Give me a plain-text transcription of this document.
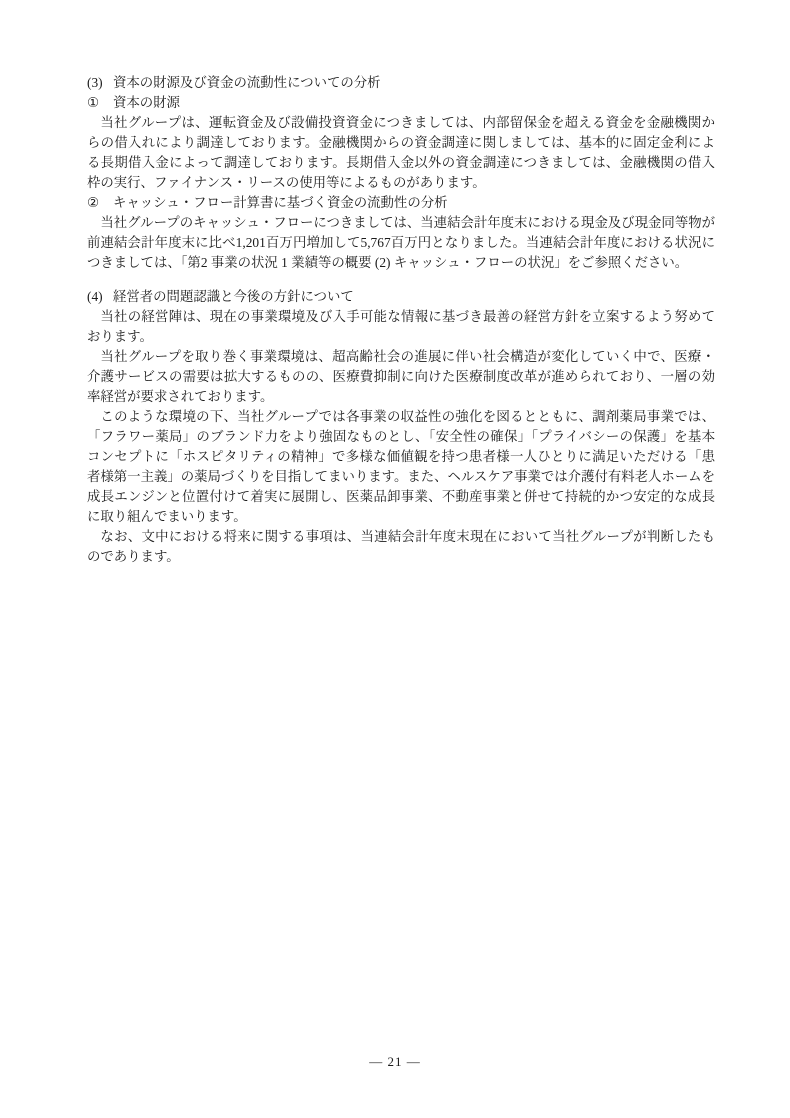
(3) 資本の財源及び資金の流動性についての分析
① 資本の財源

当社グループは、運転資金及び設備投資資金につきましては、内部留保金を超える資金を金融機関からの借入れにより調達しております。金融機関からの資金調達に関しましては、基本的に固定金利による長期借入金によって調達しております。長期借入金以外の資金調達につきましては、金融機関の借入枠の実行、ファイナンス・リースの使用等によるものがあります。

② キャッシュ・フロー計算書に基づく資金の流動性の分析

当社グループのキャッシュ・フローにつきましては、当連結会計年度末における現金及び現金同等物が前連結会計年度末に比べ1,201百万円増加して5,767百万円となりました。当連結会計年度における状況につきましては、「第2 事業の状況 1 業績等の概要 (2) キャッシュ・フローの状況」をご参照ください。

(4) 経営者の問題認識と今後の方針について

当社の経営陣は、現在の事業環境及び入手可能な情報に基づき最善の経営方針を立案するよう努めております。

当社グループを取り巻く事業環境は、超高齢社会の進展に伴い社会構造が変化していく中で、医療・介護サービスの需要は拡大するものの、医療費抑制に向けた医療制度改革が進められており、一層の効率経営が要求されております。

このような環境の下、当社グループでは各事業の収益性の強化を図るとともに、調剤薬局事業では、「フラワー薬局」のブランド力をより強固なものとし、「安全性の確保」「プライバシーの保護」を基本コンセプトに「ホスピタリティの精神」で多様な価値観を持つ患者様一人ひとりに満足いただける「患者様第一主義」の薬局づくりを目指してまいります。また、ヘルスケア事業では介護付有料老人ホームを成長エンジンと位置付けて着実に展開し、医薬品卸事業、不動産事業と併せて持続的かつ安定的な成長に取り組んでまいります。

なお、文中における将来に関する事項は、当連結会計年度末現在において当社グループが判断したものであります。

— 21 —
